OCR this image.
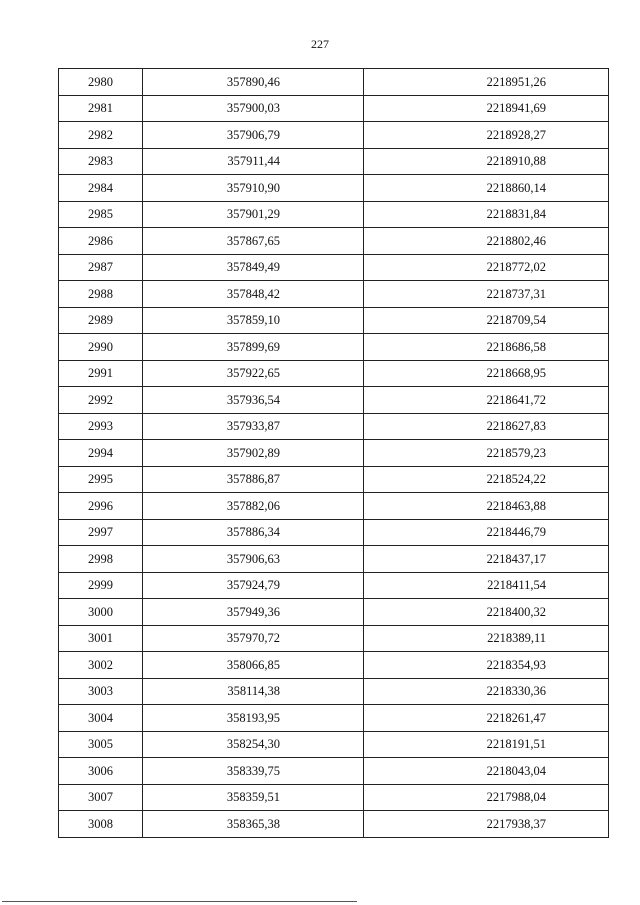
227
2980	357890,46	2218951,26
2981	357900,03	2218941,69
2982	357906,79	2218928,27
2983	357911,44	2218910,88
2984	357910,90	2218860,14
2985	357901,29	2218831,84
2986	357867,65	2218802,46
2987	357849,49	2218772,02
2988	357848,42	2218737,31
2989	357859,10	2218709,54
2990	357899,69	2218686,58
2991	357922,65	2218668,95
2992	357936,54	2218641,72
2993	357933,87	2218627,83
2994	357902,89	2218579,23
2995	357886,87	2218524,22
2996	357882,06	2218463,88
2997	357886,34	2218446,79
2998	357906,63	2218437,17
2999	357924,79	2218411,54
3000	357949,36	2218400,32
3001	357970,72	2218389,11
3002	358066,85	2218354,93
3003	358114,38	2218330,36
3004	358193,95	2218261,47
3005	358254,30	2218191,51
3006	358339,75	2218043,04
3007	358359,51	2217988,04
3008	358365,38	2217938,37
